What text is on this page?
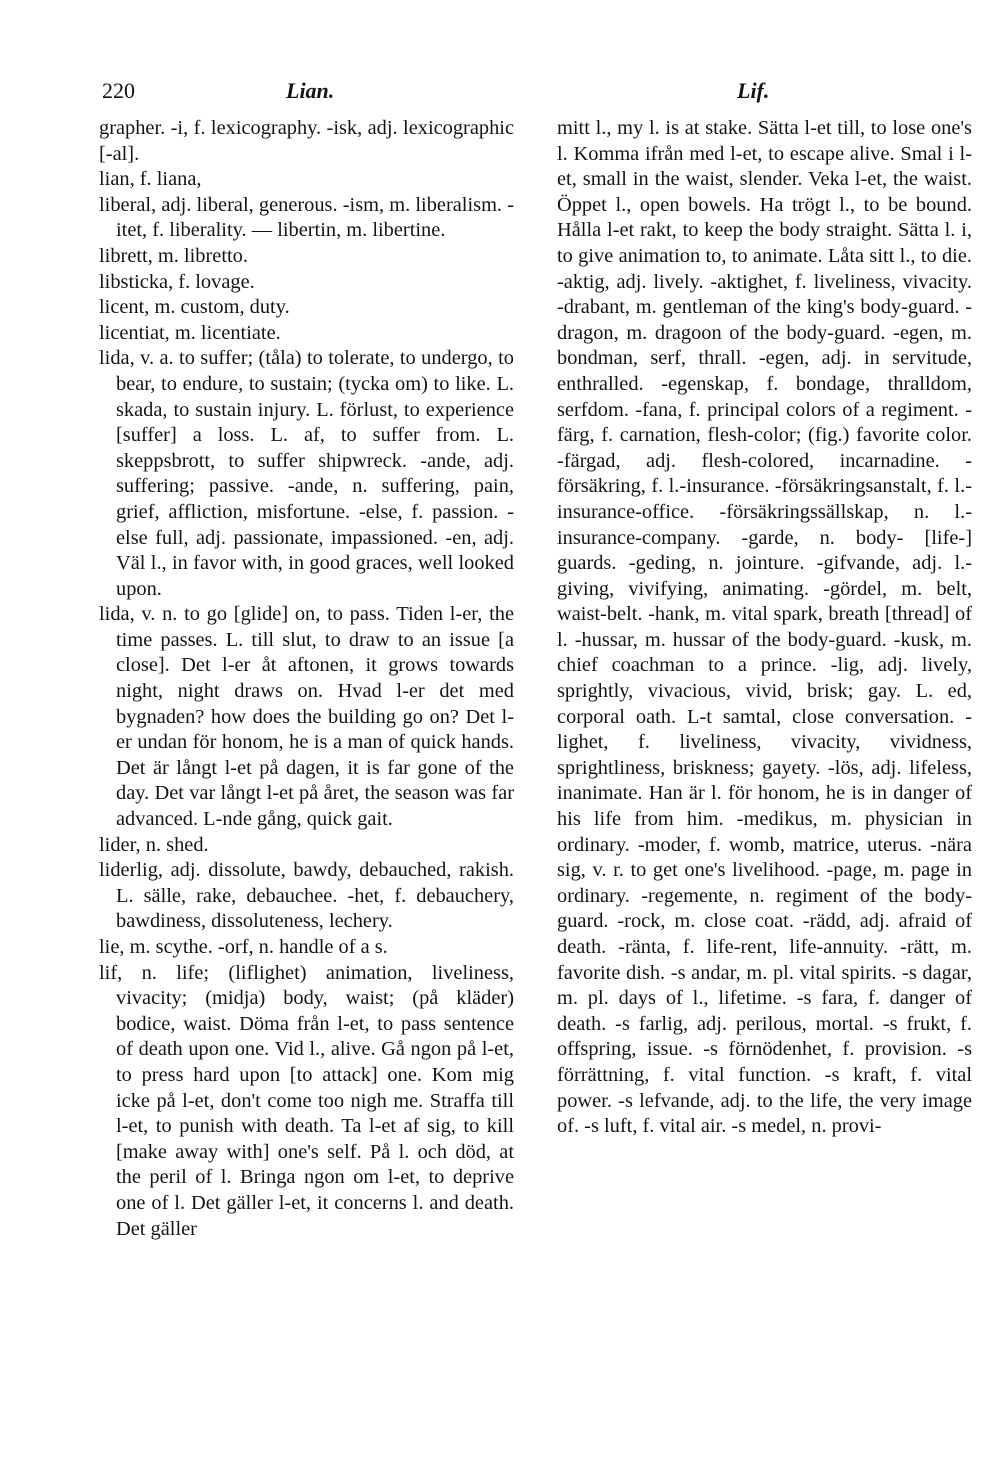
220	Lian.	Lif.

grapher. -i, f. lexicography. -isk, adj. lexicographic [-al].

lian, f. liana,

liberal, adj. liberal, generous. -ism, m. liberalism. -itet, f. liberality. — libertin, m. libertine.

librett, m. libretto.

libsticka, f. lovage.

licent, m. custom, duty.

licentiat, m. licentiate.

lida, v. a. to suffer; (tåla) to tolerate, to undergo, to bear, to endure, to sustain; (tycka om) to like. L. skada, to sustain injury. L. förlust, to experience [suffer] a loss. L. af, to suffer from. L. skeppsbrott, to suffer shipwreck. -ande, adj. suffering; passive. -ande, n. suffering, pain, grief, affliction, misfortune. -else, f. passion. -else full, adj. passionate, impassioned. -en, adj. Väl l., in favor with, in good graces, well looked upon.

lida, v. n. to go [glide] on, to pass. Tiden l-er, the time passes. L. till slut, to draw to an issue [a close]. Det l-er åt aftonen, it grows towards night, night draws on. Hvad l-er det med bygnaden? how does the building go on? Det l-er undan för honom, he is a man of quick hands. Det är långt l-et på dagen, it is far gone of the day. Det var långt l-et på året, the season was far advanced. L-nde gång, quick gait.

lider, n. shed.

liderlig, adj. dissolute, bawdy, debauched, rakish. L. sälle, rake, debauchee. -het, f. debauchery, bawdiness, dissoluteness, lechery.

lie, m. scythe. -orf, n. handle of a s.

lif, n. life; (liflighet) animation, liveliness, vivacity; (midja) body, waist; (på kläder) bodice, waist. Döma från l-et, to pass sentence of death upon one. Vid l., alive. Gå ngon på l-et, to press hard upon [to attack] one. Kom mig icke på l-et, don't come too nigh me. Straffa till l-et, to punish with death. Ta l-et af sig, to kill [make away with] one's self. På l. och död, at the peril of l. Bringa ngon om l-et, to deprive one of l. Det gäller l-et, it concerns l. and death. Det gäller

mitt l., my l. is at stake. Sätta l-et till, to lose one's l. Komma ifrån med l-et, to escape alive. Smal i l-et, small in the waist, slender. Veka l-et, the waist. Öppet l., open bowels. Ha trögt l., to be bound. Hålla l-et rakt, to keep the body straight. Sätta l. i, to give animation to, to animate. Låta sitt l., to die. -aktig, adj. lively. -aktighet, f. liveliness, vivacity. -drabant, m. gentleman of the king's body-guard. -dragon, m. dragoon of the body-guard. -egen, m. bondman, serf, thrall. -egen, adj. in servitude, enthralled. -egenskap, f. bondage, thralldom, serfdom. -fana, f. principal colors of a regiment. -färg, f. carnation, flesh-color; (fig.) favorite color. -färgad, adj. flesh-colored, incarnadine. -försäkring, f. l.-insurance. -försäkringsanstalt, f. l.-insurance-office. -försäkringssällskap, n. l.-insurance-company. -garde, n. body- [life-] guards. -geding, n. jointure. -gifvande, adj. l.-giving, vivifying, animating. -gördel, m. belt, waist-belt. -hank, m. vital spark, breath [thread] of l. -hussar, m. hussar of the body-guard. -kusk, m. chief coachman to a prince. -lig, adj. lively, sprightly, vivacious, vivid, brisk; gay. L. ed, corporal oath. L-t samtal, close conversation. -lighet, f. liveliness, vivacity, vividness, sprightliness, briskness; gayety. -lös, adj. lifeless, inanimate. Han är l. för honom, he is in danger of his life from him. -medikus, m. physician in ordinary. -moder, f. womb, matrice, uterus. -nära sig, v. r. to get one's livelihood. -page, m. page in ordinary. -regemente, n. regiment of the body-guard. -rock, m. close coat. -rädd, adj. afraid of death. -ränta, f. life-rent, life-annuity. -rätt, m. favorite dish. -s andar, m. pl. vital spirits. -s dagar, m. pl. days of l., lifetime. -s fara, f. danger of death. -s farlig, adj. perilous, mortal. -s frukt, f. offspring, issue. -s förnödenhet, f. provision. -s förrättning, f. vital function. -s kraft, f. vital power. -s lefvande, adj. to the life, the very image of. -s luft, f. vital air. -s medel, n. provi-
